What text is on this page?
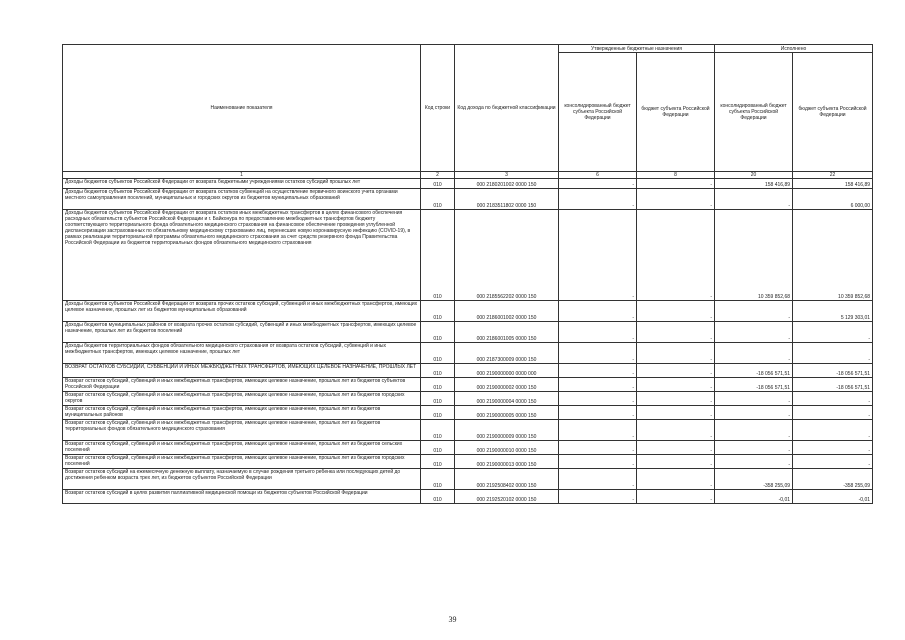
Наименование показателя	Код строки	Код дохода по бюджетной классификации	Утвержденные бюджетные назначения		Исполнено	
			консолидированный бюджет субъекта Российской Федерации	бюджет субъекта Российской Федерации	консолидированный бюджет субъекта Российской Федерации	бюджет субъекта Российской Федерации
1	2	3	6	8	20	22
Доходы бюджетов субъектов Российской Федерации от возврата бюджетными учреждениями остатков субсидий прошлых лет	010	000 2180201002 0000 150	-	-	158 416,89	158 416,89
Доходы бюджетов субъектов Российской Федерации от возврата остатков субвенций на осуществление первичного воинского учета органами местного самоуправления поселений, муниципальных и городских округов из бюджетов муниципальных образований	010	000 2183511802 0000 150	-	-	-	6 000,00
Доходы бюджетов субъектов Российской Федерации от возврата остатков иных межбюджетных трансфертов в целях финансового обеспечения расходных обязательств субъектов Российской Федерации и г. Байконура по предоставлению межбюджетных трансфертов бюджету соответствующего территориального фонда обязательного медицинского страхования на финансовое обеспечение проведения углубленной диспансеризации застрахованных по обязательному медицинскому страхованию лиц, перенесших новую коронавирусную инфекцию (COVID-19), в рамках реализации территориальной программы обязательного медицинского страхования за счет средств резервного фонда Правительства Российской Федерации из бюджетов территориальных фондов обязательного медицинского страхования	010	000 2185562202 0000 150	-	-	10 359 852,68	10 359 852,68
Доходы бюджетов субъектов Российской Федерации от возврата прочих остатков субсидий, субвенций и иных межбюджетных трансфертов, имеющих целевое назначение, прошлых лет из бюджетов муниципальных образований	010	000 2186001002 0000 150	-	-	-	5 129 303,01
Доходы бюджетов муниципальных районов от возврата прочих остатков субсидий, субвенций и иных межбюджетных трансфертов, имеющих целевое назначение, прошлых лет из бюджетов поселений	010	000 2186001005 0000 150	-	-	-	-
Доходы бюджетов территориальных фондов обязательного медицинского страхования от возврата остатков субсидий, субвенций и иных межбюджетных трансфертов, имеющих целевое назначение, прошлых лет	010	000 2187300009 0000 150	-	-	-	-
ВОЗВРАТ ОСТАТКОВ СУБСИДИЙ, СУБВЕНЦИЙ И ИНЫХ МЕЖБЮДЖЕТНЫХ ТРАНСФЕРТОВ, ИМЕЮЩИХ ЦЕЛЕВОЕ НАЗНАЧЕНИЕ, ПРОШЛЫХ ЛЕТ	010	000 2190000000 0000 000	-	-	-18 056 571,51	-18 056 571,51
Возврат остатков субсидий, субвенций и иных межбюджетных трансфертов, имеющих целевое назначение, прошлых лет из бюджетов субъектов Российской Федерации	010	000 2190000002 0000 150	-	-	-18 056 571,51	-18 056 571,51
Возврат остатков субсидий, субвенций и иных межбюджетных трансфертов, имеющих целевое назначение, прошлых лет из бюджетов городских округов	010	000 2190000004 0000 150	-	-	-	-
Возврат остатков субсидий, субвенций и иных межбюджетных трансфертов, имеющих целевое назначение, прошлых лет из бюджетов муниципальных районов	010	000 2190000005 0000 150	-	-	-	-
Возврат остатков субсидий, субвенций и иных межбюджетных трансфертов, имеющих целевое назначение, прошлых лет из бюджетов территориальных фондов обязательного медицинского страхования	010	000 2190000009 0000 150	-	-	-	-
Возврат остатков субсидий, субвенций и иных межбюджетных трансфертов, имеющих целевое назначение, прошлых лет из бюджетов сельских поселений	010	000 2190000010 0000 150	-	-	-	-
Возврат остатков субсидий, субвенций и иных межбюджетных трансфертов, имеющих целевое назначение, прошлых лет из бюджетов городских поселений	010	000 2190000013 0000 150	-	-	-	-
Возврат остатков субсидий на ежемесячную денежную выплату, назначаемую в случае рождения третьего ребенка или последующих детей до достижения ребенком возраста трех лет, из бюджетов субъектов Российской Федерации	010	000 2192508402 0000 150	-	-	-358 255,09	-358 255,09
Возврат остатков субсидий в целях развития паллиативной медицинской помощи из бюджетов субъектов Российской Федерации	010	000 2192520102 0000 150	-	-	-0,01	-0,01
39
